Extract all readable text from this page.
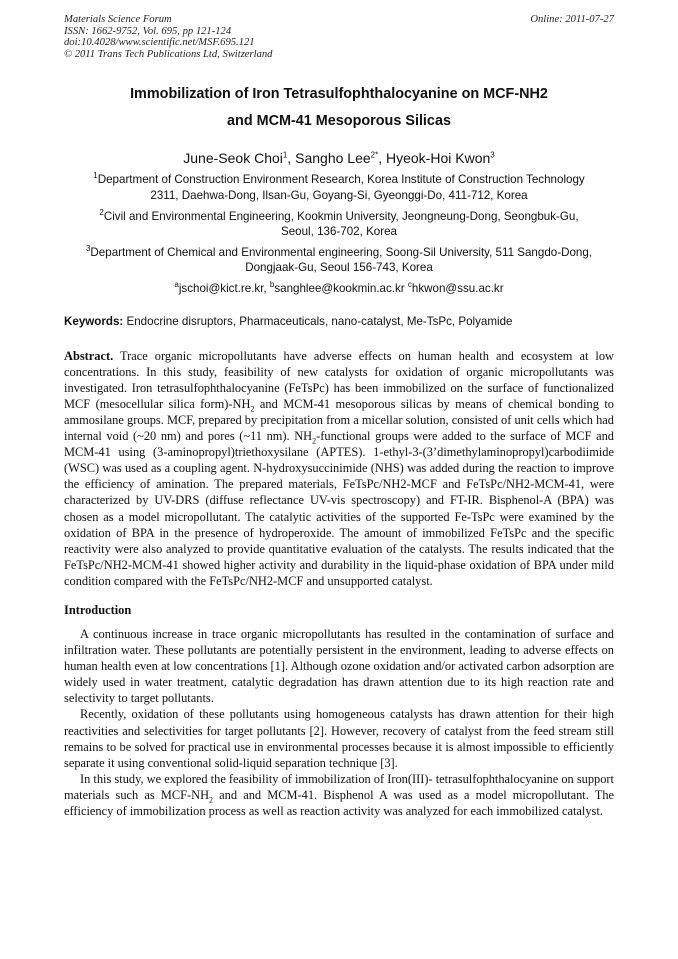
Materials Science Forum
ISSN: 1662-9752, Vol. 695, pp 121-124
doi:10.4028/www.scientific.net/MSF.695.121
© 2011 Trans Tech Publications Ltd, Switzerland
Online: 2011-07-27
Immobilization of Iron Tetrasulfophthalocyanine on MCF-NH2
and MCM-41 Mesoporous Silicas
June-Seok Choi$^1$, Sangho Lee$^{2*}$, Hyeok-Hoi Kwon$^3$
$^1$Department of Construction Environment Research, Korea Institute of Construction Technology
2311, Daehwa-Dong, Ilsan-Gu, Goyang-Si, Gyeonggi-Do, 411-712, Korea
$^2$Civil and Environmental Engineering, Kookmin University, Jeongneung-Dong, Seongbuk-Gu,
Seoul, 136-702, Korea
$^3$Department of Chemical and Environmental engineering, Soong-Sil University, 511 Sangdo-Dong,
Dongjaak-Gu, Seoul 156-743, Korea
$^a$jschoi@kict.re.kr, $^b$sanghlee@kookmin.ac.kr $^c$hkwon@ssu.ac.kr
Keywords: Endocrine disruptors, Pharmaceuticals, nano-catalyst, Me-TsPc, Polyamide
Abstract. Trace organic micropollutants have adverse effects on human health and ecosystem at low concentrations. In this study, feasibility of new catalysts for oxidation of organic micropollutants was investigated. Iron tetrasulfophthalocyanine (FeTsPc) has been immobilized on the surface of functionalized MCF (mesocellular silica $form)-NH_2$ and MCM-41 mesoporous silicas by means of chemical bonding to ammosilane groups. MCF, prepared by precipitation from a micellar solution, consisted of unit cells which had internal void (~20 nm) and pores (~11 nm). $NH_2$-functional groups were added to the surface of MCF and MCM-41 using (3-aminopropyl)triethoxysilane (APTES). 1-ethyl-3-(3’dimethylaminopropyl)carbodiimide (WSC) was used as a coupling agent. N-hydroxysuccinimide (NHS) was added during the reaction to improve the efficiency of amination. The prepared materials, FeTsPc/NH2-MCF and FeTsPc/NH2-MCM-41, were characterized by UV-DRS (diffuse reflectance UV-vis spectroscopy) and FT-IR. Bisphenol-A (BPA) was chosen as a model micropollutant. The catalytic activities of the supported Fe-TsPc were examined by the oxidation of BPA in the presence of hydroperoxide. The amount of immobilized FeTsPc and the specific reactivity were also analyzed to provide quantitative evaluation of the catalysts. The results indicated that the FeTsPc/NH2-MCM-41 showed higher activity and durability in the liquid-phase oxidation of BPA under mild condition compared with the FeTsPc/NH2-MCF and unsupported catalyst.
Introduction

A continuous increase in trace organic micropollutants has resulted in the contamination of surface and infiltration water. These pollutants are potentially persistent in the environment, leading to adverse effects on human health even at low concentrations [1]. Although ozone oxidation and/or activated carbon adsorption are widely used in water treatment, catalytic degradation has drawn attention due to its high reaction rate and selectivity to target pollutants.

Recently, oxidation of these pollutants using homogeneous catalysts has drawn attention for their high reactivities and selectivities for target pollutants [2]. However, recovery of catalyst from the feed stream still remains to be solved for practical use in environmental processes because it is almost impossible to efficiently separate it using conventional solid-liquid separation technique [3].

In this study, we explored the feasibility of immobilization of Iron(III)- tetrasulfophthalocyanine on support materials such as MCF-$NH_2$ and and MCM-41. Bisphenol A was used as a model micropollutant. The efficiency of immobilization process as well as reaction activity was analyzed for each immobilized catalyst.
